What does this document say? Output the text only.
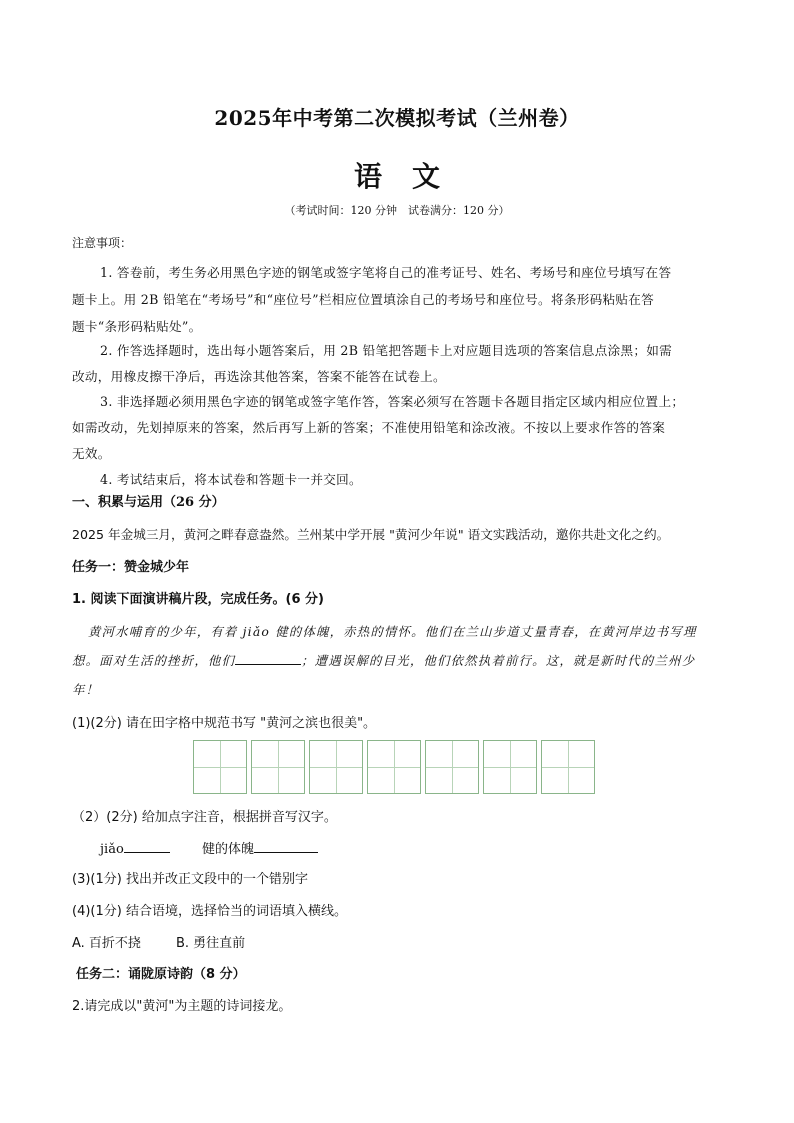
2025年中考第二次模拟考试（兰州卷）
语文
（考试时间：120 分钟　试卷满分：120 分）
注意事项：
1. 答卷前，考生务必用黑色字迹的钢笔或签字笔将自己的准考证号、姓名、考场号和座位号填写在答
题卡上。用 2B 铅笔在“考场号”和“座位号”栏相应位置填涂自己的考场号和座位号。将条形码粘贴在答
题卡“条形码粘贴处”。
2. 作答选择题时，选出每小题答案后，用 2B 铅笔把答题卡上对应题目选项的答案信息点涂黑；如需
改动，用橡皮擦干净后，再选涂其他答案，答案不能答在试卷上。
3. 非选择题必须用黑色字迹的钢笔或签字笔作答，答案必须写在答题卡各题目指定区域内相应位置上；
如需改动，先划掉原来的答案，然后再写上新的答案；不准使用铅笔和涂改液。不按以上要求作答的答案
无效。
4. 考试结束后，将本试卷和答题卡一并交回。
一、积累与运用（26 分）
2025 年金城三月，黄河之畔春意盎然。兰州某中学开展 "黄河少年说" 语文实践活动，邀你共赴文化之约。
任务一：赞金城少年
1. 阅读下面演讲稿片段，完成任务。(6 分)
黄河水哺育的少年，有着 jiǎo 健的体魄，赤热的情怀。他们在兰山步道丈量青春，在黄河岸边书写理
想。面对生活的挫折，他们	；遭遇误解的目光，他们依然执着前行。这，就是新时代的兰州少
年！
(1)(2分) 请在田字格中规范书写 "黄河之滨也很美"。
（2）(2分) 给加点字注音，根据拼音写汉字。
jiǎo	健的体魄
(3)(1分) 找出并改正文段中的一个错别字
(4)(1分) 结合语境，选择恰当的词语填入横线。
A. 百折不挠	B. 勇往直前
任务二：诵陇原诗韵（8 分）
2.请完成以"黄河"为主题的诗词接龙。
